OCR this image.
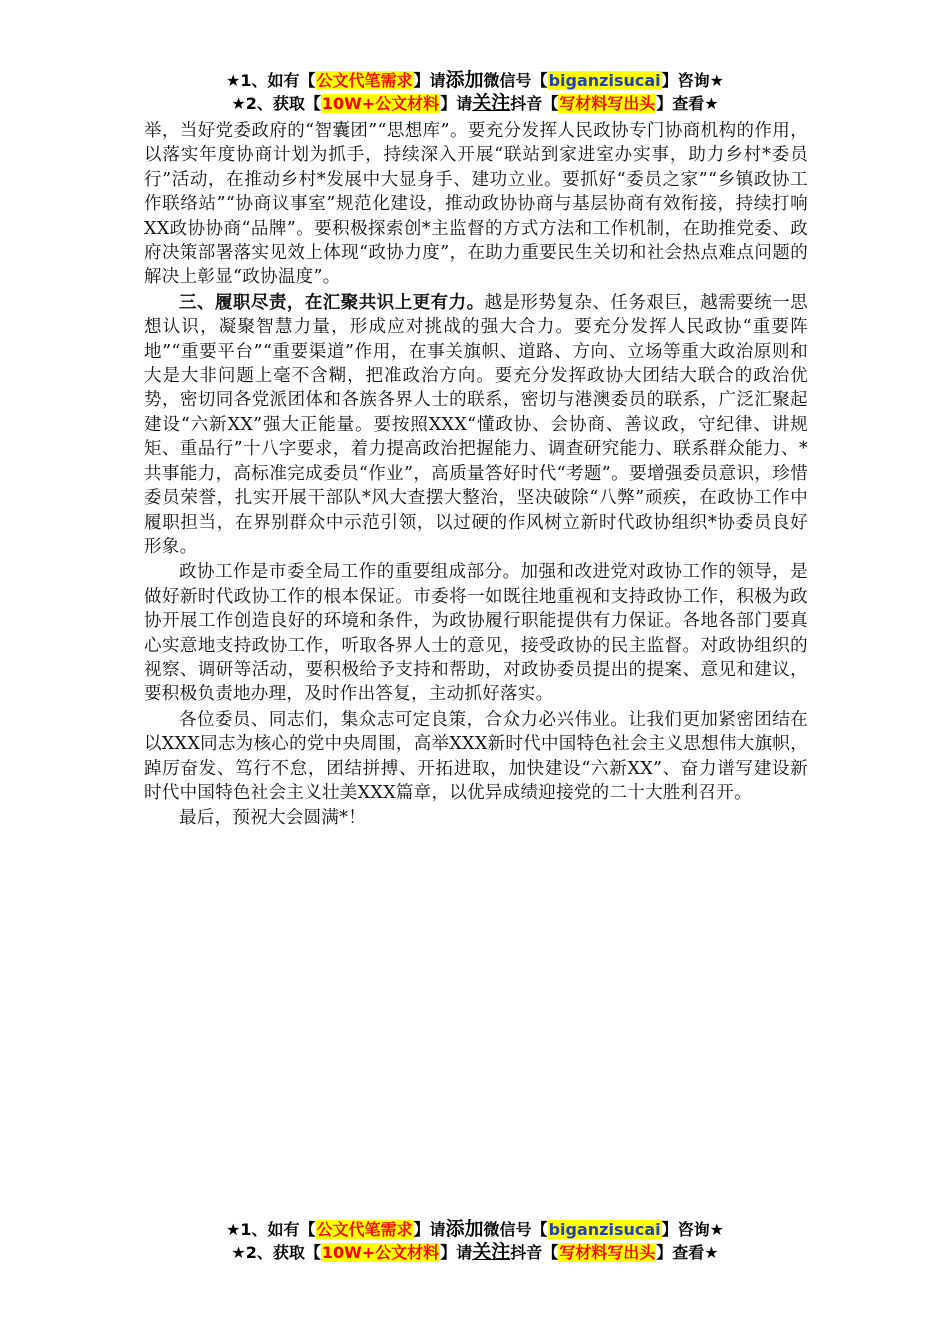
★1、如有【公文代笔需求】请添加微信号【biganzisucai】咨询★
★2、获取【10W+公文材料】请关注抖音【写材料写出头】查看★

举，当好党委政府的“智囊团”“思想库”。要充分发挥人民政协专门协商机构的作用，以落实年度协商计划为抓手，持续深入开展“联站到家进室办实事，助力乡村*委员行”活动，在推动乡村*发展中大显身手、建功立业。要抓好“委员之家”“乡镇政协工作联络站”“协商议事室”规范化建设，推动政协协商与基层协商有效衔接，持续打响XX政协协商“品牌”。要积极探索创*主监督的方式方法和工作机制，在助推党委、政府决策部署落实见效上体现“政协力度”，在助力重要民生关切和社会热点难点问题的解决上彰显“政协温度”。

三、履职尽责，在汇聚共识上更有力。越是形势复杂、任务艰巨，越需要统一思想认识，凝聚智慧力量，形成应对挑战的强大合力。要充分发挥人民政协“重要阵地”“重要平台”“重要渠道”作用，在事关旗帜、道路、方向、立场等重大政治原则和大是大非问题上毫不含糊，把准政治方向。要充分发挥政协大团结大联合的政治优势，密切同各党派团体和各族各界人士的联系，密切与港澳委员的联系，广泛汇聚起建设“六新XX”强大正能量。要按照XXX“懂政协、会协商、善议政，守纪律、讲规矩、重品行”十八字要求，着力提高政治把握能力、调查研究能力、联系群众能力、*共事能力，高标准完成委员“作业”，高质量答好时代“考题”。要增强委员意识，珍惜委员荣誉，扎实开展干部队*风大查摆大整治，坚决破除“八弊”顽疾，在政协工作中履职担当，在界别群众中示范引领，以过硬的作风树立新时代政协组织*协委员良好形象。

政协工作是市委全局工作的重要组成部分。加强和改进党对政协工作的领导，是做好新时代政协工作的根本保证。市委将一如既往地重视和支持政协工作，积极为政协开展工作创造良好的环境和条件，为政协履行职能提供有力保证。各地各部门要真心实意地支持政协工作，听取各界人士的意见，接受政协的民主监督。对政协组织的视察、调研等活动，要积极给予支持和帮助，对政协委员提出的提案、意见和建议，要积极负责地办理，及时作出答复，主动抓好落实。

各位委员、同志们，集众志可定良策，合众力必兴伟业。让我们更加紧密团结在以XXX同志为核心的党中央周围，高举XXX新时代中国特色社会主义思想伟大旗帜，踔厉奋发、笃行不怠，团结拼搏、开拓进取，加快建设“六新XX”、奋力谱写建设新时代中国特色社会主义壮美XXX篇章，以优异成绩迎接党的二十大胜利召开。

最后，预祝大会圆满*！

★1、如有【公文代笔需求】请添加微信号【biganzisucai】咨询★
★2、获取【10W+公文材料】请关注抖音【写材料写出头】查看★
